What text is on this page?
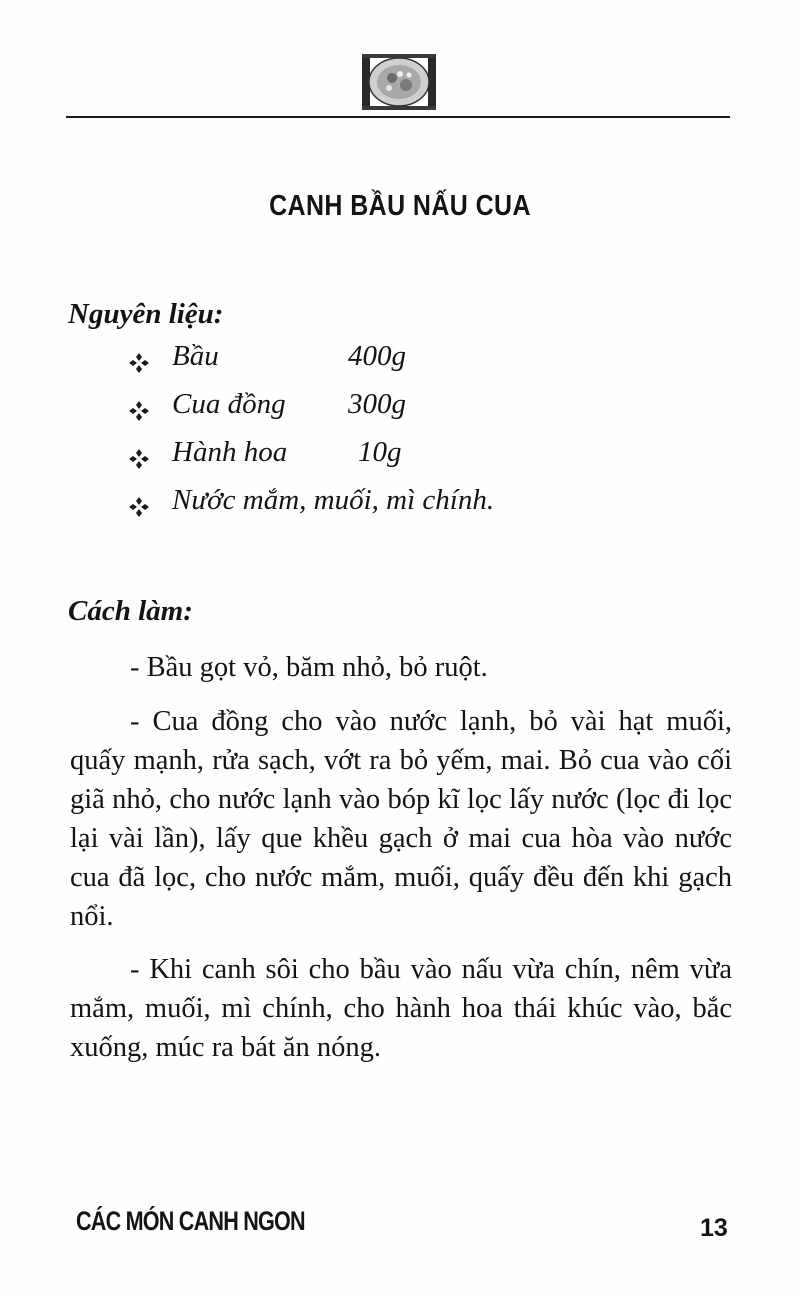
CANH BẦU NẤU CUA
Nguyên liệu:
Bầu	400g
Cua đồng 300g
Hành hoa 10g
Nước mắm, muối, mì chính.
Cách làm:

- Bầu gọt vỏ, băm nhỏ, bỏ ruột.

- Cua đồng cho vào nước lạnh, bỏ vài hạt muối, quấy mạnh, rửa sạch, vớt ra bỏ yếm, mai. Bỏ cua vào cối giã nhỏ, cho nước lạnh vào bóp kĩ lọc lấy nước (lọc đi lọc lại vài lần), lấy que khều gạch ở mai cua hòa vào nước cua đã lọc, cho nước mắm, muối, quấy đều đến khi gạch nổi.

- Khi canh sôi cho bầu vào nấu vừa chín, nêm vừa mắm, muối, mì chính, cho hành hoa thái khúc vào, bắc xuống, múc ra bát ăn nóng.

CÁC MÓN CANH NGON	13
